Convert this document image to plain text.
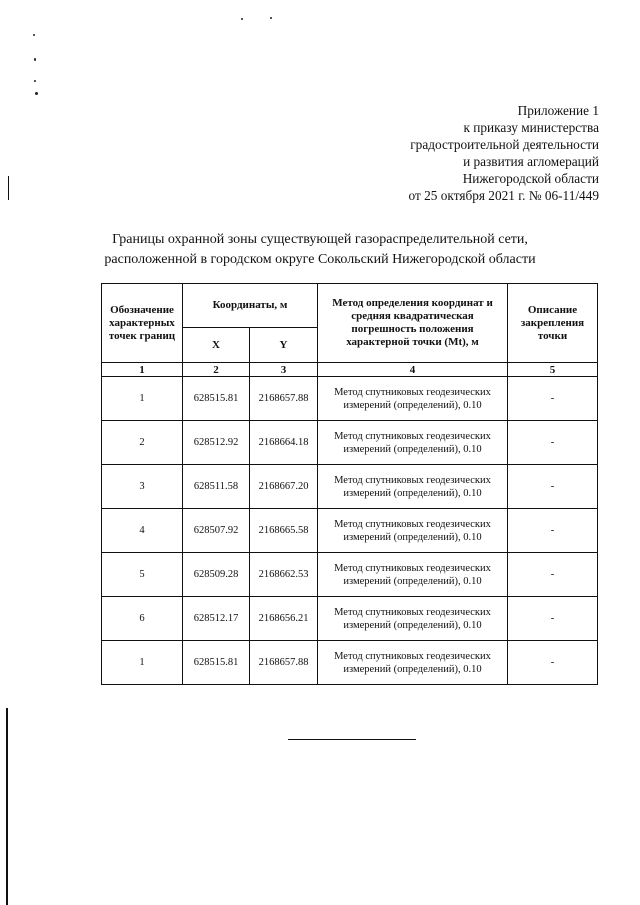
Приложение 1
к приказу министерства
градостроительной деятельности
и развития агломераций
Нижегородской области
от 25 октября 2021 г. № 06-11/449
Границы охранной зоны существующей газораспределительной сети,
расположенной в городском округе Сокольский Нижегородской области
Обозначение характерных точек границ	Координаты, м		Метод определения координат и средняя квадратическая погрешность положения характерной точки (Mt), м	Описание закрепления точки
	X	Y		
1	2	3	4	5
1	628515.81	2168657.88	Метод спутниковых геодезических измерений (определений), 0.10	-
2	628512.92	2168664.18	Метод спутниковых геодезических измерений (определений), 0.10	-
3	628511.58	2168667.20	Метод спутниковых геодезических измерений (определений), 0.10	-
4	628507.92	2168665.58	Метод спутниковых геодезических измерений (определений), 0.10	-
5	628509.28	2168662.53	Метод спутниковых геодезических измерений (определений), 0.10	-
6	628512.17	2168656.21	Метод спутниковых геодезических измерений (определений), 0.10	-
1	628515.81	2168657.88	Метод спутниковых геодезических измерений (определений), 0.10	-
